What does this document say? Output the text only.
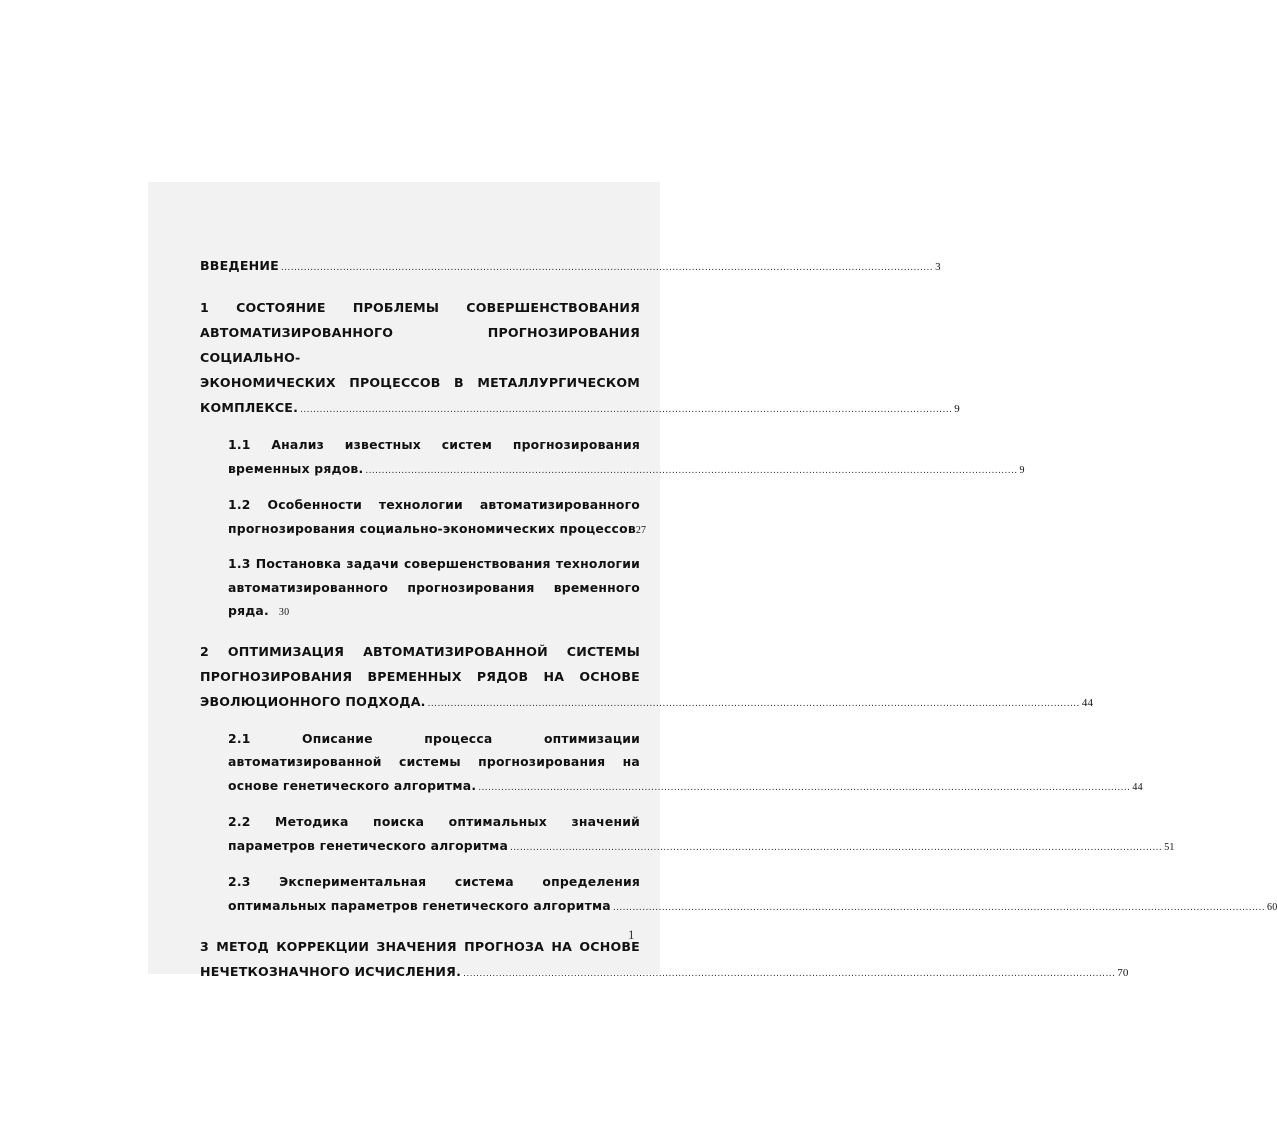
ВВЕДЕНИЕ ........................................................................................................................................................................................................ 3
1 СОСТОЯНИЕ ПРОБЛЕМЫ СОВЕРШЕНСТВОВАНИЯ
АВТОМАТИЗИРОВАННОГО ПРОГНОЗИРОВАНИЯ СОЦИАЛЬНО-
ЭКОНОМИЧЕСКИХ ПРОЦЕССОВ В МЕТАЛЛУРГИЧЕСКОМ
КОМПЛЕКСЕ. ........................................................................................................................................................................................................ 9
1.1 Анализ известных систем прогнозирования
временных рядов. ........................................................................................................................................................................................................ 9
1.2 Особенности технологии автоматизированного
прогнозирования социально-экономических процессов 27
1.3 Постановка задачи совершенствования технологии
автоматизированного прогнозирования временного
ряда. 30
2 ОПТИМИЗАЦИЯ АВТОМАТИЗИРОВАННОЙ СИСТЕМЫ
ПРОГНОЗИРОВАНИЯ ВРЕМЕННЫХ РЯДОВ НА ОСНОВЕ
ЭВОЛЮЦИОННОГО ПОДХОДА. ........................................................................................................................................................................................................ 44
2.1 Описание процесса оптимизации
автоматизированной системы прогнозирования на
основе генетического алгоритма. ........................................................................................................................................................................................................ 44
2.2 Методика поиска оптимальных значений
параметров генетического алгоритма ........................................................................................................................................................................................................ 51
2.3 Экспериментальная система определения
оптимальных параметров генетического алгоритма ........................................................................................................................................................................................................ 60
3 МЕТОД КОРРЕКЦИИ ЗНАЧЕНИЯ ПРОГНОЗА НА ОСНОВЕ
НЕЧЕТКОЗНАЧНОГО ИСЧИСЛЕНИЯ. ........................................................................................................................................................................................................ 70
1
